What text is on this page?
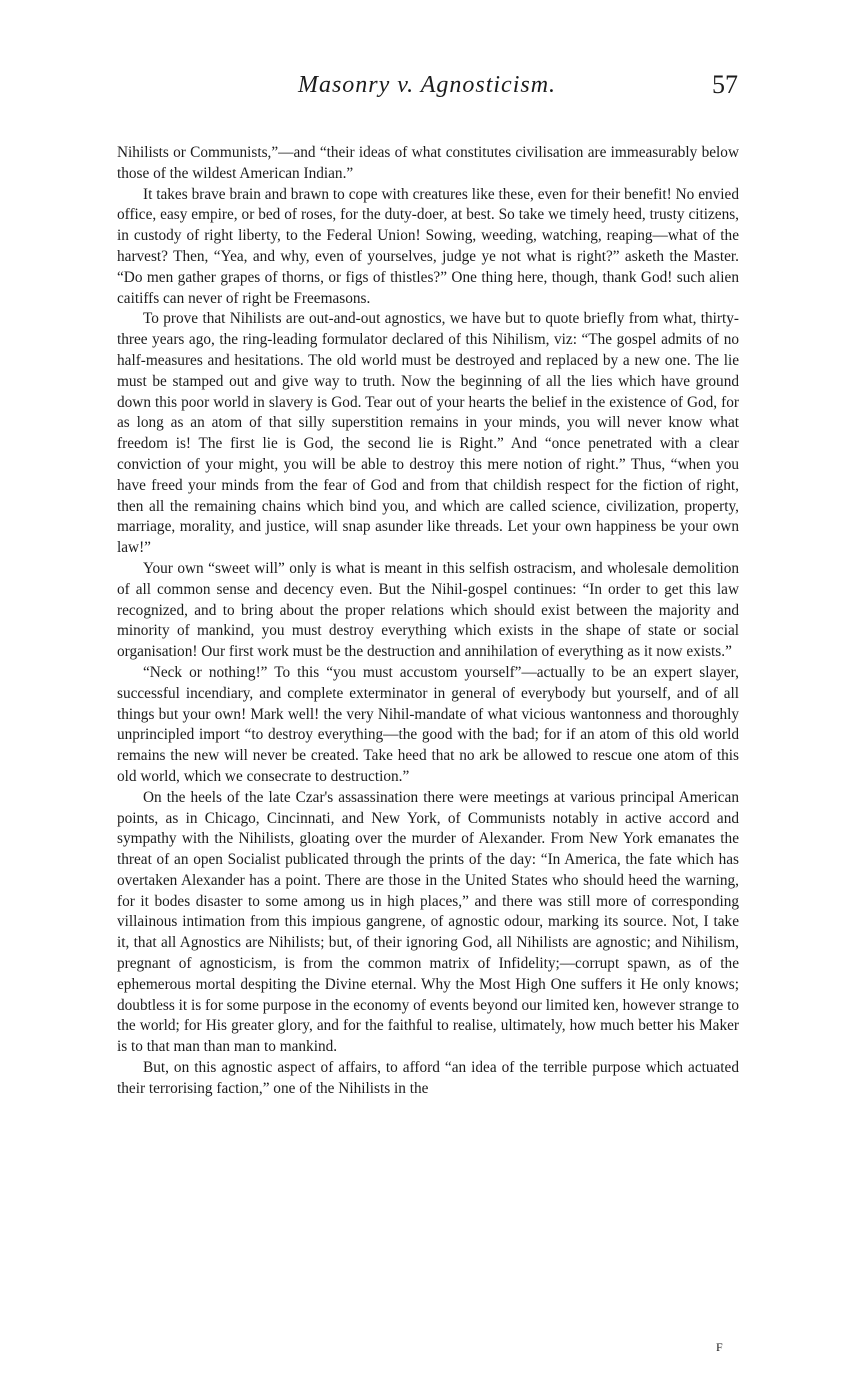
Masonry v. Agnosticism.	57

Nihilists or Communists,”—and “their ideas of what constitutes civilisation are immeasurably below those of the wildest American Indian.”

It takes brave brain and brawn to cope with creatures like these, even for their benefit! No envied office, easy empire, or bed of roses, for the duty-doer, at best. So take we timely heed, trusty citizens, in custody of right liberty, to the Federal Union! Sowing, weeding, watching, reaping—what of the harvest? Then, “Yea, and why, even of yourselves, judge ye not what is right?” asketh the Master. “Do men gather grapes of thorns, or figs of thistles?” One thing here, though, thank God! such alien caitiffs can never of right be Freemasons.

To prove that Nihilists are out-and-out agnostics, we have but to quote briefly from what, thirty-three years ago, the ring-leading formulator declared of this Nihilism, viz: “The gospel admits of no half-measures and hesitations. The old world must be destroyed and replaced by a new one. The lie must be stamped out and give way to truth. Now the beginning of all the lies which have ground down this poor world in slavery is God. Tear out of your hearts the belief in the existence of God, for as long as an atom of that silly superstition remains in your minds, you will never know what freedom is! The first lie is God, the second lie is Right.” And “once penetrated with a clear conviction of your might, you will be able to destroy this mere notion of right.” Thus, “when you have freed your minds from the fear of God and from that childish respect for the fiction of right, then all the remaining chains which bind you, and which are called science, civilization, property, marriage, morality, and justice, will snap asunder like threads. Let your own happiness be your own law!”

Your own “sweet will” only is what is meant in this selfish ostracism, and wholesale demolition of all common sense and decency even. But the Nihil-gospel continues: “In order to get this law recognized, and to bring about the proper relations which should exist between the majority and minority of mankind, you must destroy everything which exists in the shape of state or social organisation! Our first work must be the destruction and annihilation of everything as it now exists.”

“Neck or nothing!” To this “you must accustom yourself”—actually to be an expert slayer, successful incendiary, and complete exterminator in general of everybody but yourself, and of all things but your own! Mark well! the very Nihil-mandate of what vicious wantonness and thoroughly unprincipled import “to destroy everything—the good with the bad; for if an atom of this old world remains the new will never be created. Take heed that no ark be allowed to rescue one atom of this old world, which we consecrate to destruction.”

On the heels of the late Czar's assassination there were meetings at various principal American points, as in Chicago, Cincinnati, and New York, of Communists notably in active accord and sympathy with the Nihilists, gloating over the murder of Alexander. From New York emanates the threat of an open Socialist publicated through the prints of the day: “In America, the fate which has overtaken Alexander has a point. There are those in the United States who should heed the warning, for it bodes disaster to some among us in high places,” and there was still more of corresponding villainous intimation from this impious gangrene, of agnostic odour, marking its source. Not, I take it, that all Agnostics are Nihilists; but, of their ignoring God, all Nihilists are agnostic; and Nihilism, pregnant of agnosticism, is from the common matrix of Infidelity;—corrupt spawn, as of the ephemerous mortal despiting the Divine eternal. Why the Most High One suffers it He only knows; doubtless it is for some purpose in the economy of events beyond our limited ken, however strange to the world; for His greater glory, and for the faithful to realise, ultimately, how much better his Maker is to that man than man to mankind.

But, on this agnostic aspect of affairs, to afford “an idea of the terrible purpose which actuated their terrorising faction,” one of the Nihilists in the

F
